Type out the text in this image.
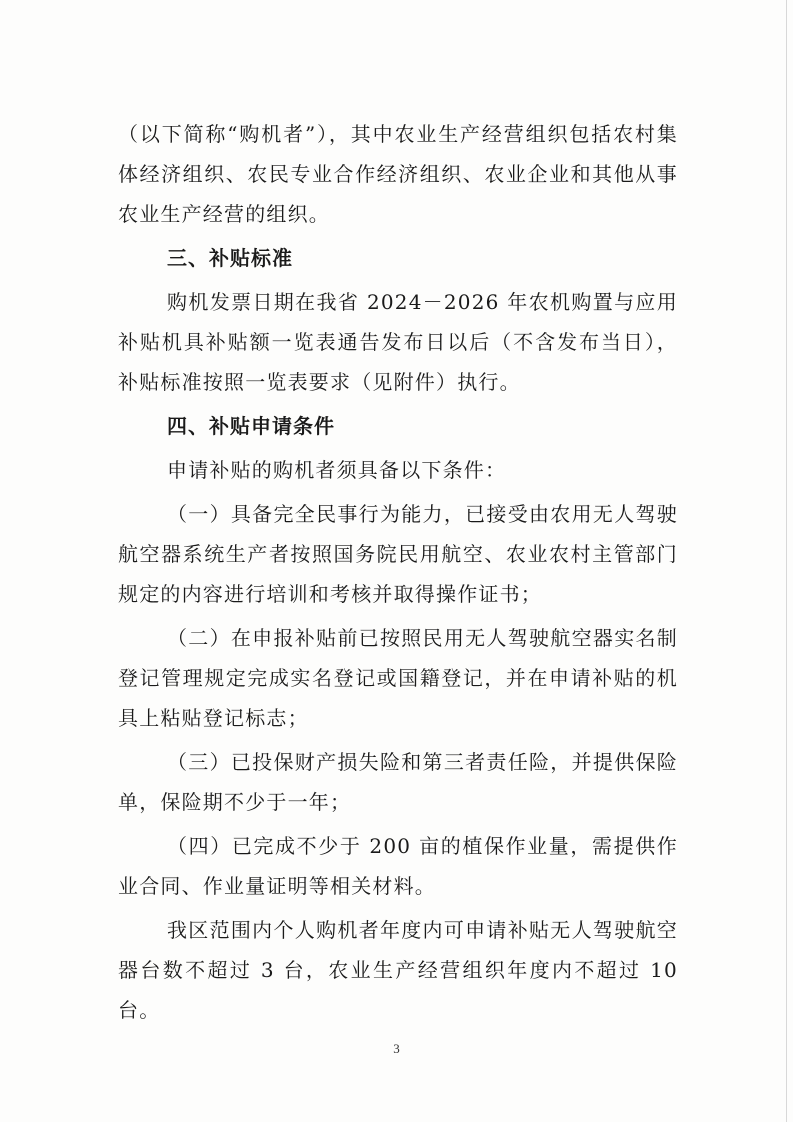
（以下简称“购机者”），其中农业生产经营组织包括农村集体经济组织、农民专业合作经济组织、农业企业和其他从事农业生产经营的组织。

三、补贴标准

购机发票日期在我省 2024－2026 年农机购置与应用补贴机具补贴额一览表通告发布日以后（不含发布当日），补贴标准按照一览表要求（见附件）执行。

四、补贴申请条件

申请补贴的购机者须具备以下条件：

（一）具备完全民事行为能力，已接受由农用无人驾驶航空器系统生产者按照国务院民用航空、农业农村主管部门规定的内容进行培训和考核并取得操作证书；

（二）在申报补贴前已按照民用无人驾驶航空器实名制登记管理规定完成实名登记或国籍登记，并在申请补贴的机具上粘贴登记标志；

（三）已投保财产损失险和第三者责任险，并提供保险单，保险期不少于一年；

（四）已完成不少于 200 亩的植保作业量，需提供作业合同、作业量证明等相关材料。

我区范围内个人购机者年度内可申请补贴无人驾驶航空器台数不超过 3 台，农业生产经营组织年度内不超过 10 台。

3
